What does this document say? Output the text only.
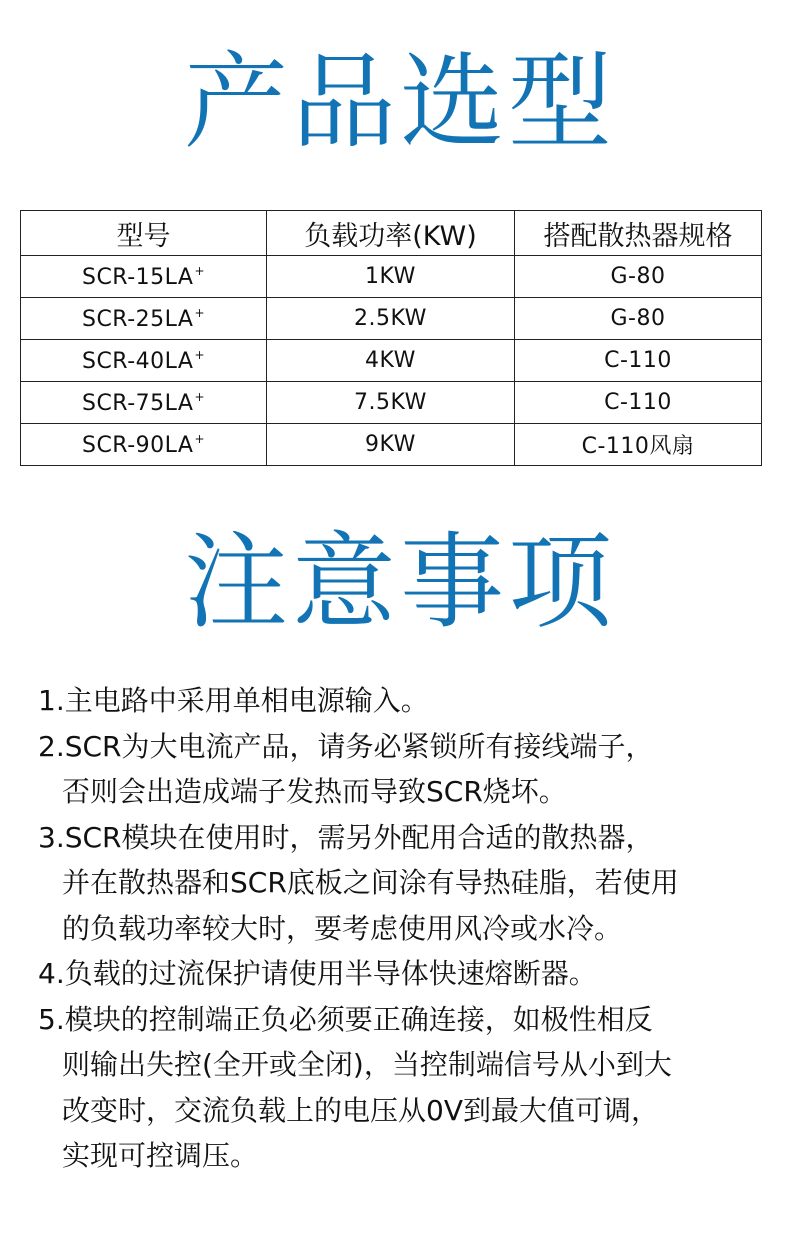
产品选型
型号	负载功率(KW)	搭配散热器规格
SCR-15LA+	1KW	G-80
SCR-25LA+	2.5KW	G-80
SCR-40LA+	4KW	C-110
SCR-75LA+	7.5KW	C-110
SCR-90LA+	9KW	C-110风扇
注意事项
1.主电路中采用单相电源输入。
2.SCR为大电流产品，请务必紧锁所有接线端子，
否则会出造成端子发热而导致SCR烧坏。
3.SCR模块在使用时，需另外配用合适的散热器，
并在散热器和SCR底板之间涂有导热硅脂，若使用
的负载功率较大时，要考虑使用风冷或水冷。
4.负载的过流保护请使用半导体快速熔断器。
5.模块的控制端正负必须要正确连接，如极性相反
则输出失控(全开或全闭)，当控制端信号从小到大
改变时，交流负载上的电压从0V到最大值可调，
实现可控调压。
